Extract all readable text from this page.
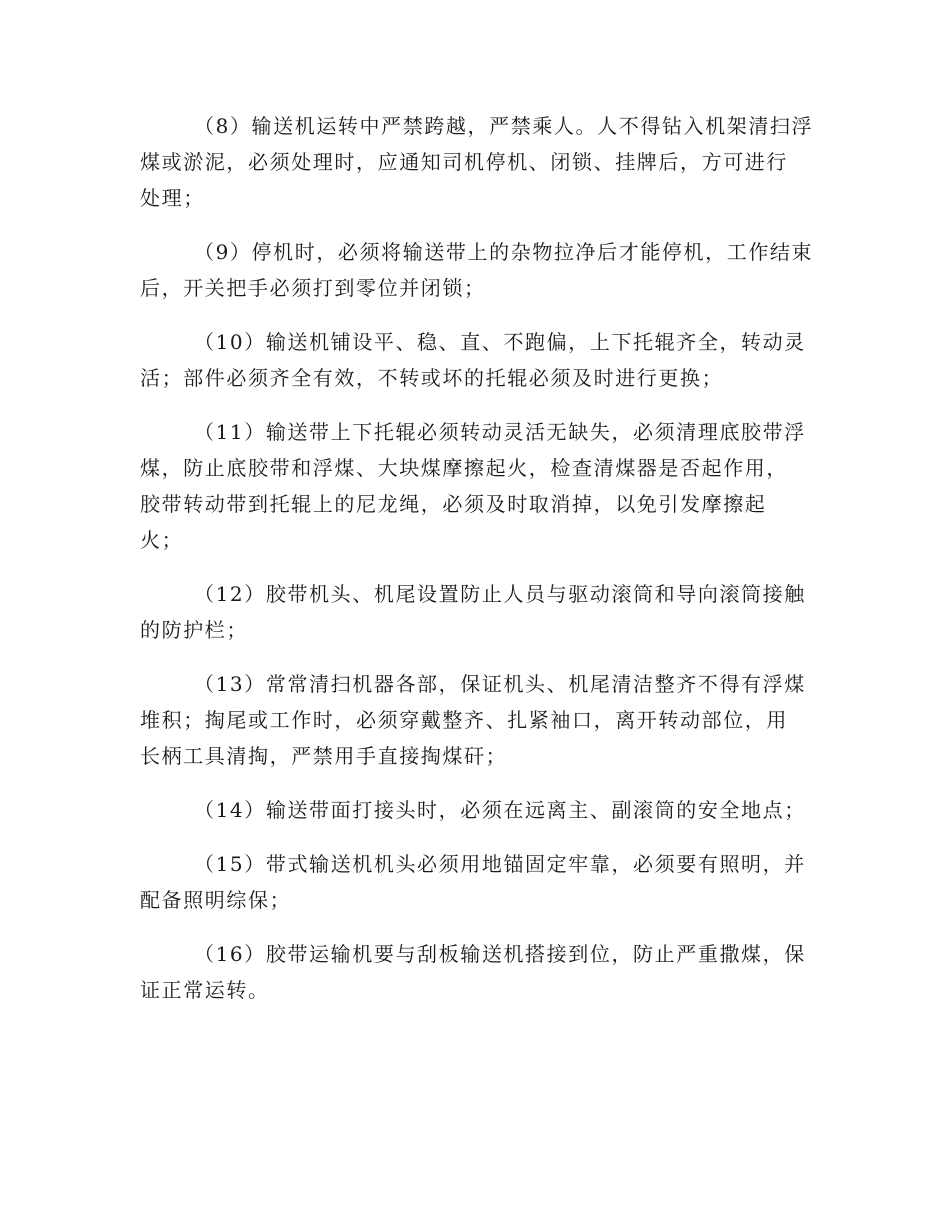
（8）输送机运转中严禁跨越，严禁乘人。人不得钻入机架清扫浮
煤或淤泥，必须处理时，应通知司机停机、闭锁、挂牌后，方可进行
处理；
（9）停机时，必须将输送带上的杂物拉净后才能停机，工作结束
后，开关把手必须打到零位并闭锁；
（10）输送机铺设平、稳、直、不跑偏，上下托辊齐全，转动灵
活；部件必须齐全有效，不转或坏的托辊必须及时进行更换；
（11）输送带上下托辊必须转动灵活无缺失，必须清理底胶带浮
煤，防止底胶带和浮煤、大块煤摩擦起火，检查清煤器是否起作用，
胶带转动带到托辊上的尼龙绳，必须及时取消掉，以免引发摩擦起
火；
（12）胶带机头、机尾设置防止人员与驱动滚筒和导向滚筒接触
的防护栏；
（13）常常清扫机器各部，保证机头、机尾清洁整齐不得有浮煤
堆积；掏尾或工作时，必须穿戴整齐、扎紧袖口，离开转动部位，用
长柄工具清掏，严禁用手直接掏煤矸；
（14）输送带面打接头时，必须在远离主、副滚筒的安全地点；
（15）带式输送机机头必须用地锚固定牢靠，必须要有照明，并
配备照明综保；
（16）胶带运输机要与刮板输送机搭接到位，防止严重撒煤，保
证正常运转。
